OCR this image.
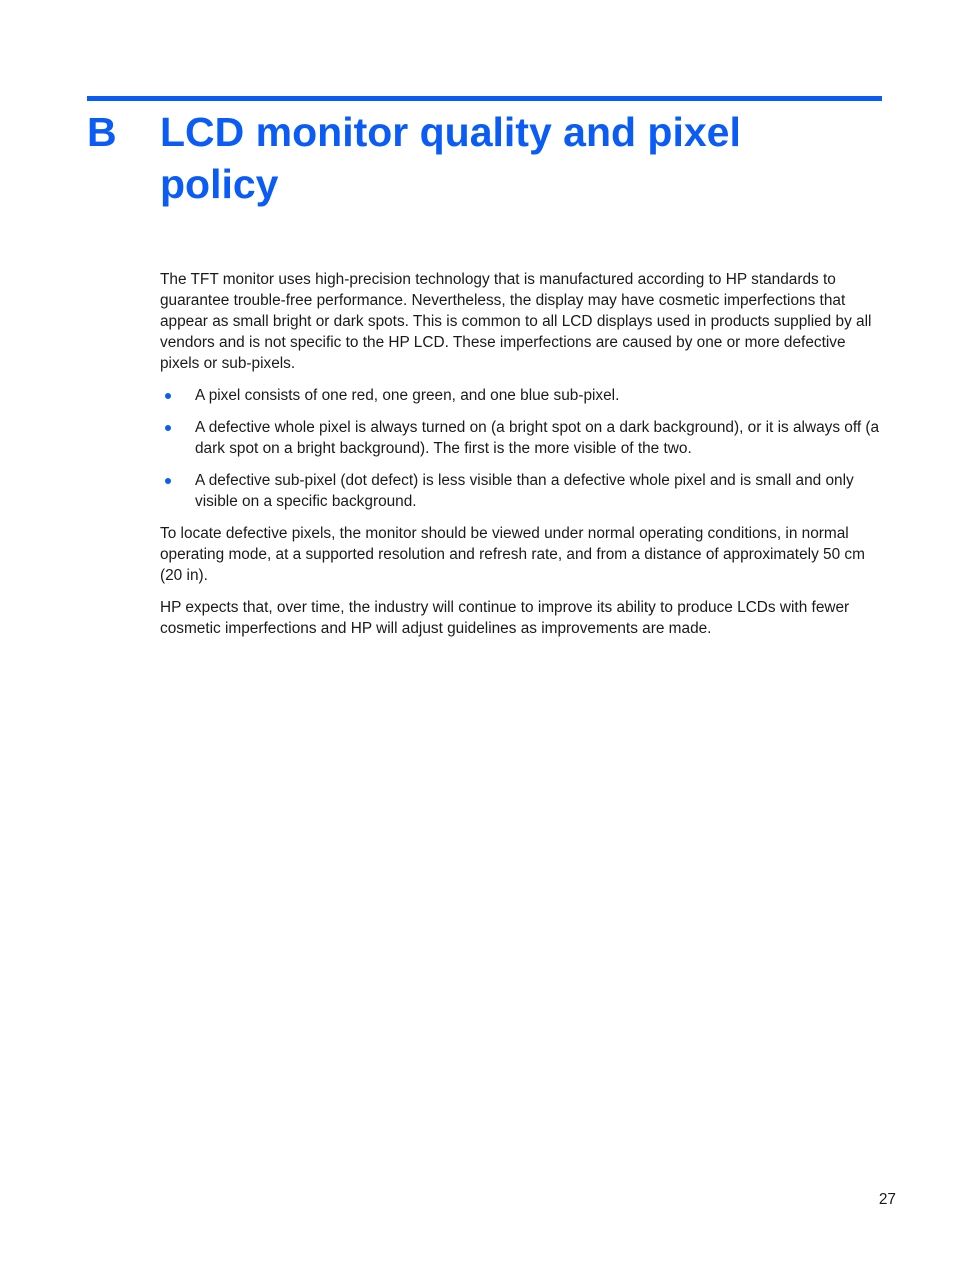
B LCD monitor quality and pixel policy

The TFT monitor uses high-precision technology that is manufactured according to HP standards to guarantee trouble-free performance. Nevertheless, the display may have cosmetic imperfections that appear as small bright or dark spots. This is common to all LCD displays used in products supplied by all vendors and is not specific to the HP LCD. These imperfections are caused by one or more defective pixels or sub-pixels.

A pixel consists of one red, one green, and one blue sub-pixel.
A defective whole pixel is always turned on (a bright spot on a dark background), or it is always off (a dark spot on a bright background). The first is the more visible of the two.
A defective sub-pixel (dot defect) is less visible than a defective whole pixel and is small and only visible on a specific background.

To locate defective pixels, the monitor should be viewed under normal operating conditions, in normal operating mode, at a supported resolution and refresh rate, and from a distance of approximately 50 cm (20 in).

HP expects that, over time, the industry will continue to improve its ability to produce LCDs with fewer cosmetic imperfections and HP will adjust guidelines as improvements are made.

27
